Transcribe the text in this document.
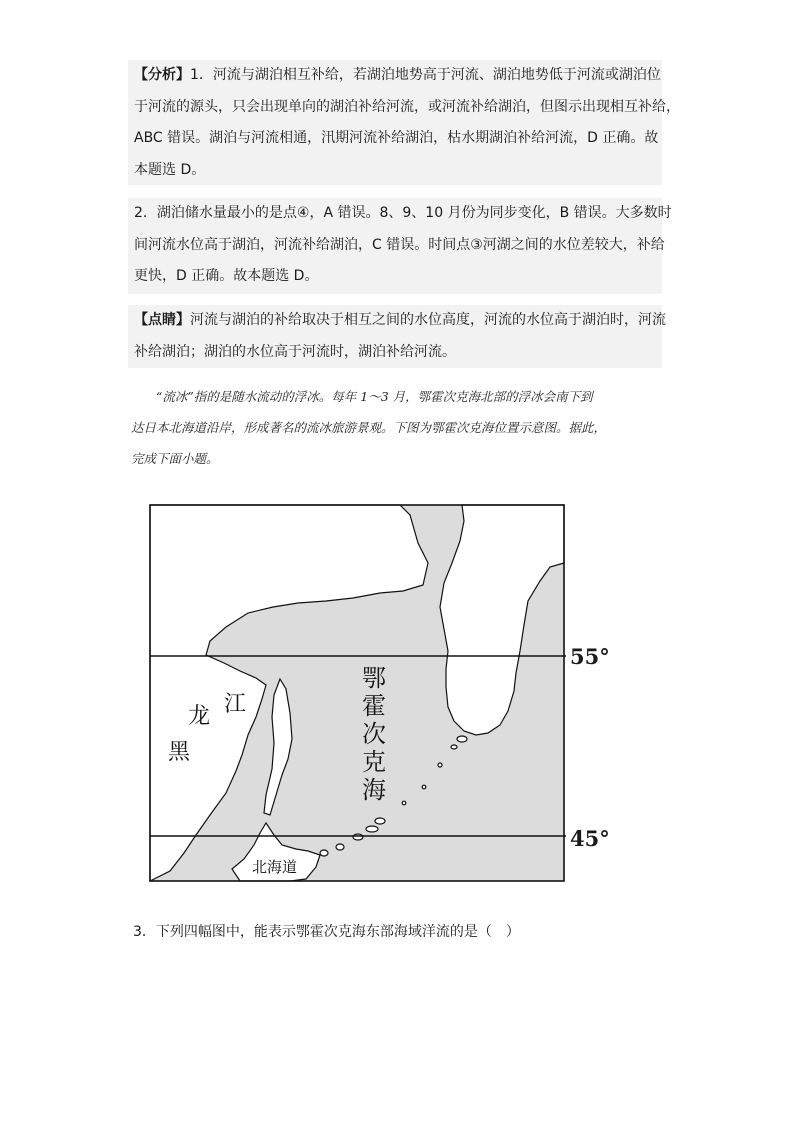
【分析】1．河流与湖泊相互补给，若湖泊地势高于河流、湖泊地势低于河流或湖泊位

于河流的源头，只会出现单向的湖泊补给河流，或河流补给湖泊，但图示出现相互补给，

ABC 错误。湖泊与河流相通，汛期河流补给湖泊，枯水期湖泊补给河流，D 正确。故

本题选 D。

2．湖泊储水量最小的是点④，A 错误。8、9、10 月份为同步变化，B 错误。大多数时

间河流水位高于湖泊，河流补给湖泊，C 错误。时间点③河湖之间的水位差较大，补给

更快，D 正确。故本题选 D。

【点睛】河流与湖泊的补给取决于相互之间的水位高度，河流的水位高于湖泊时，河流

补给湖泊；湖泊的水位高于河流时，湖泊补给河流。

　　“流冰”指的是随水流动的浮冰。每年 1～3 月，鄂霍次克海北部的浮冰会南下到

达日本北海道沿岸，形成著名的流冰旅游景观。下图为鄂霍次克海位置示意图。据此，

完成下面小题。

龙 江
黑
鄂
霍
次
克
海
北海道
55°
45°
3．下列四幅图中，能表示鄂霍次克海东部海域洋流的是（　）
